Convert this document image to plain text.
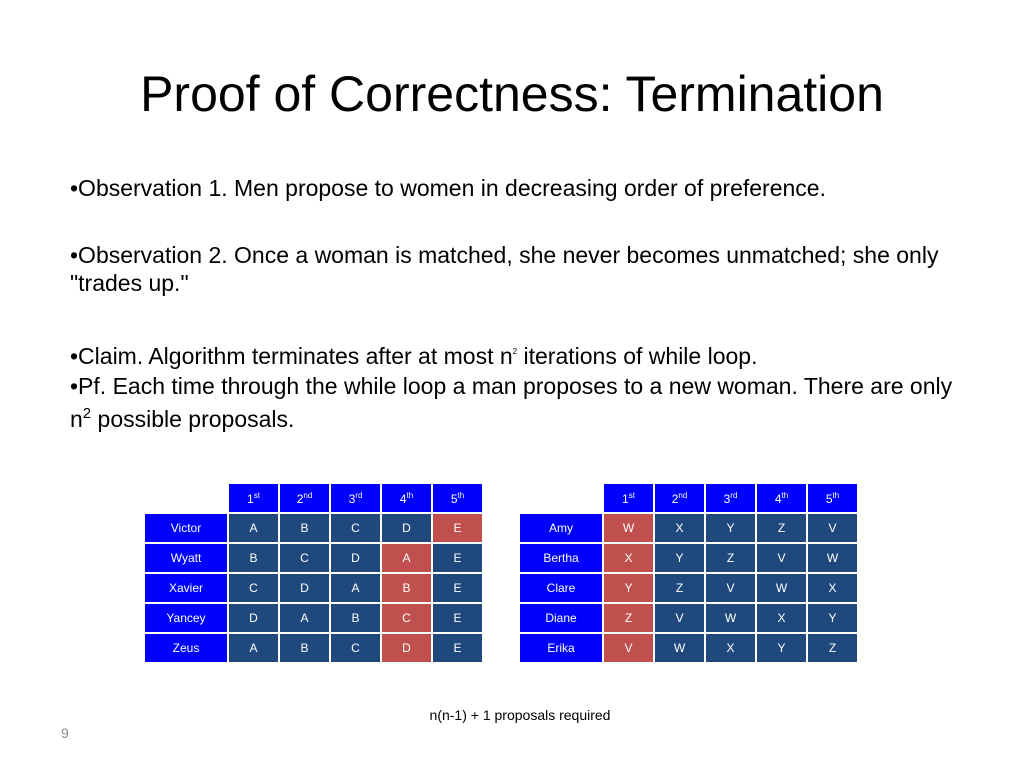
Proof of Correctness: Termination
•Observation 1. Men propose to women in decreasing order of preference.
•Observation 2. Once a woman is matched, she never becomes unmatched; she only "trades up."
•Claim. Algorithm terminates after at most $n^2$ iterations of while loop.
•Pf. Each time through the while loop a man proposes to a new woman. There are only $n^2$ possible proposals.
	1st	2nd	3rd	4th	5th
Victor	A	B	C	D	E
Wyatt	B	C	D	A	E
Xavier	C	D	A	B	E
Yancey	D	A	B	C	E
Zeus	A	B	C	D	E
	1st	2nd	3rd	4th	5th
Amy	W	X	Y	Z	V
Bertha	X	Y	Z	V	W
Clare	Y	Z	V	W	X
Diane	Z	V	W	X	Y
Erika	V	W	X	Y	Z
n(n-1) + 1 proposals required
9
